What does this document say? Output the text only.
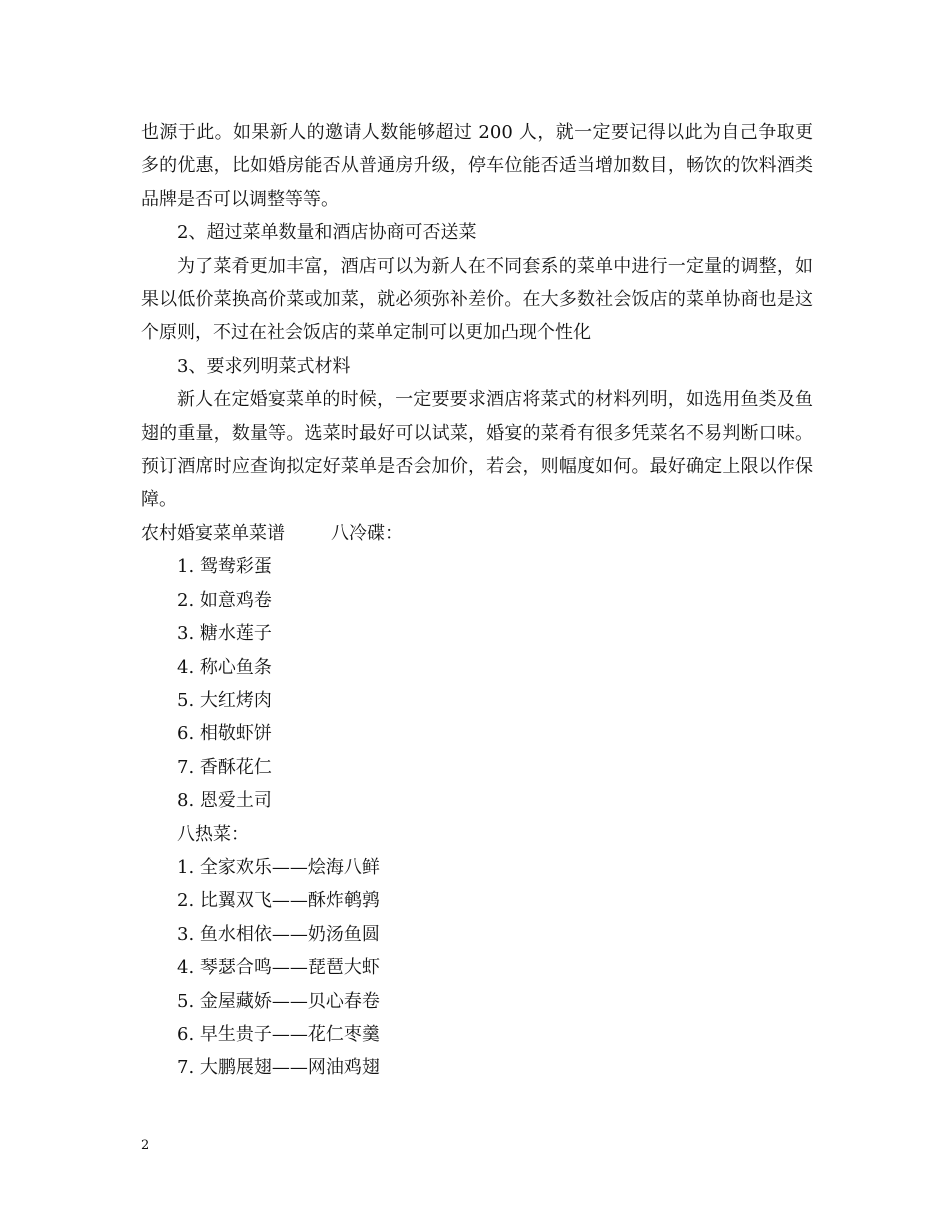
也源于此。如果新人的邀请人数能够超过 200 人，就一定要记得以此为自己争取更多的优惠，比如婚房能否从普通房升级，停车位能否适当增加数目，畅饮的饮料酒类品牌是否可以调整等等。

2、超过菜单数量和酒店协商可否送菜

为了菜肴更加丰富，酒店可以为新人在不同套系的菜单中进行一定量的调整，如果以低价菜换高价菜或加菜，就必须弥补差价。在大多数社会饭店的菜单协商也是这个原则，不过在社会饭店的菜单定制可以更加凸现个性化

3、要求列明菜式材料

新人在定婚宴菜单的时候，一定要要求酒店将菜式的材料列明，如选用鱼类及鱼翅的重量，数量等。选菜时最好可以试菜，婚宴的菜肴有很多凭菜名不易判断口味。预订酒席时应查询拟定好菜单是否会加价，若会，则幅度如何。最好确定上限以作保障。

农村婚宴菜单菜谱	八冷碟：

1. 鸳鸯彩蛋

2. 如意鸡卷

3. 糖水莲子

4. 称心鱼条

5. 大红烤肉

6. 相敬虾饼

7. 香酥花仁

8. 恩爱土司

八热菜：

1. 全家欢乐——烩海八鲜

2. 比翼双飞——酥炸鹌鹑

3. 鱼水相依——奶汤鱼圆

4. 琴瑟合鸣——琵琶大虾

5. 金屋藏娇——贝心春卷

6. 早生贵子——花仁枣羹

7. 大鹏展翅——网油鸡翅

2
